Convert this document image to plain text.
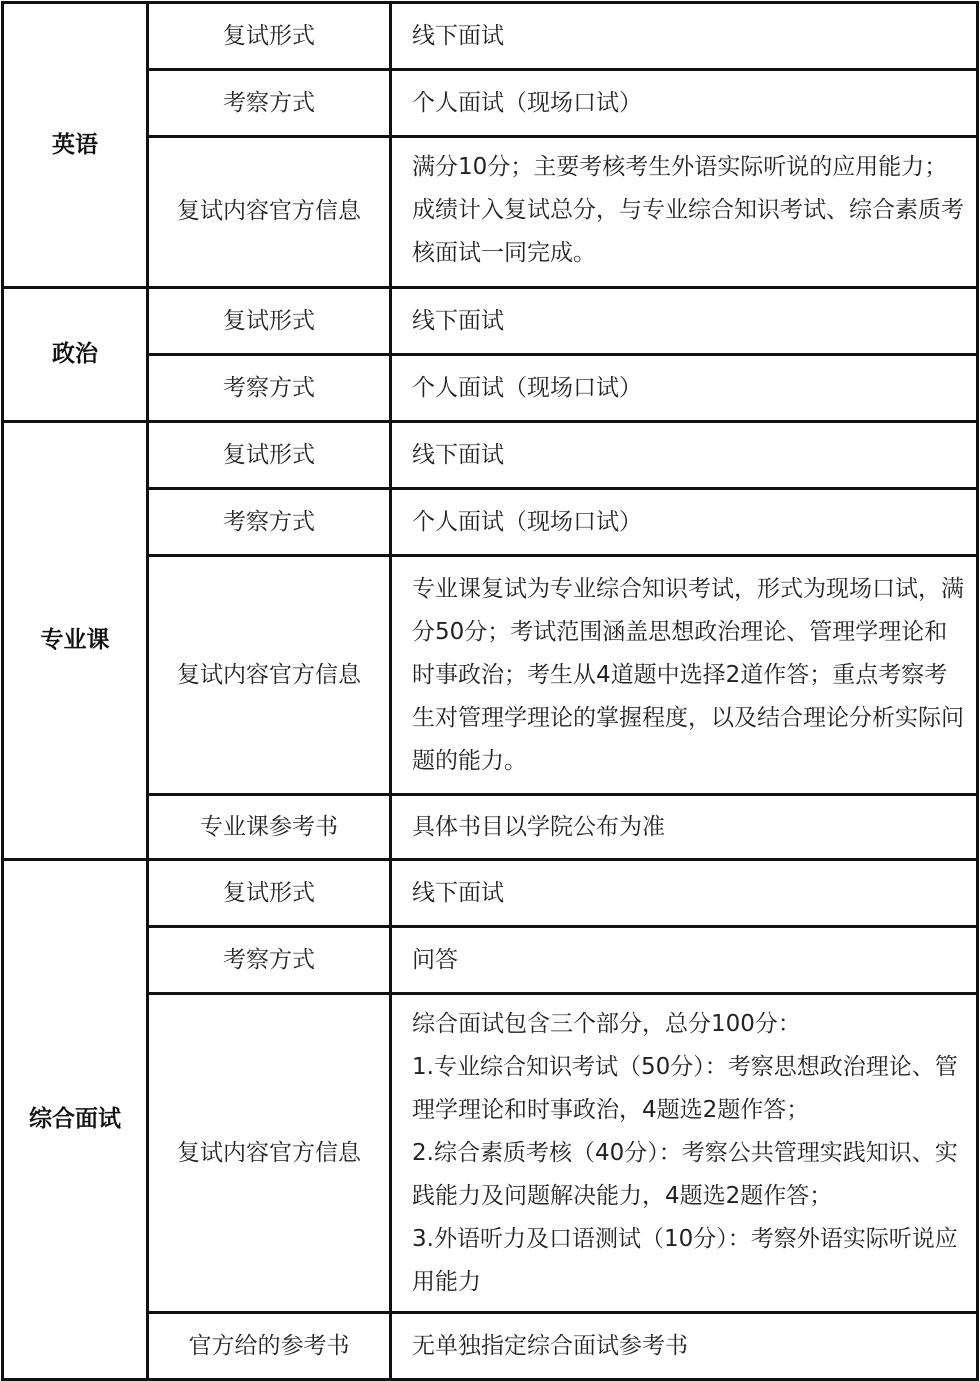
英语	复试形式	线下面试
	考察方式	个人面试（现场口试）
	复试内容官方信息	满分10分；主要考核考生外语实际听说的应用能力；成绩计入复试总分，与专业综合知识考试、综合素质考核面试一同完成。
政治	复试形式	线下面试
	考察方式	个人面试（现场口试）
专业课	复试形式	线下面试
	考察方式	个人面试（现场口试）
	复试内容官方信息	专业课复试为专业综合知识考试，形式为现场口试，满分50分；考试范围涵盖思想政治理论、管理学理论和时事政治；考生从4道题中选择2道作答；重点考察考生对管理学理论的掌握程度，以及结合理论分析实际问题的能力。
	专业课参考书	具体书目以学院公布为准
综合面试	复试形式	线下面试
	考察方式	问答
	复试内容官方信息	综合面试包含三个部分，总分100分：
1.专业综合知识考试（50分）：考察思想政治理论、管理学理论和时事政治，4题选2题作答；
2.综合素质考核（40分）：考察公共管理实践知识、实践能力及问题解决能力，4题选2题作答；
3.外语听力及口语测试（10分）：考察外语实际听说应用能力

	官方给的参考书	无单独指定综合面试参考书
